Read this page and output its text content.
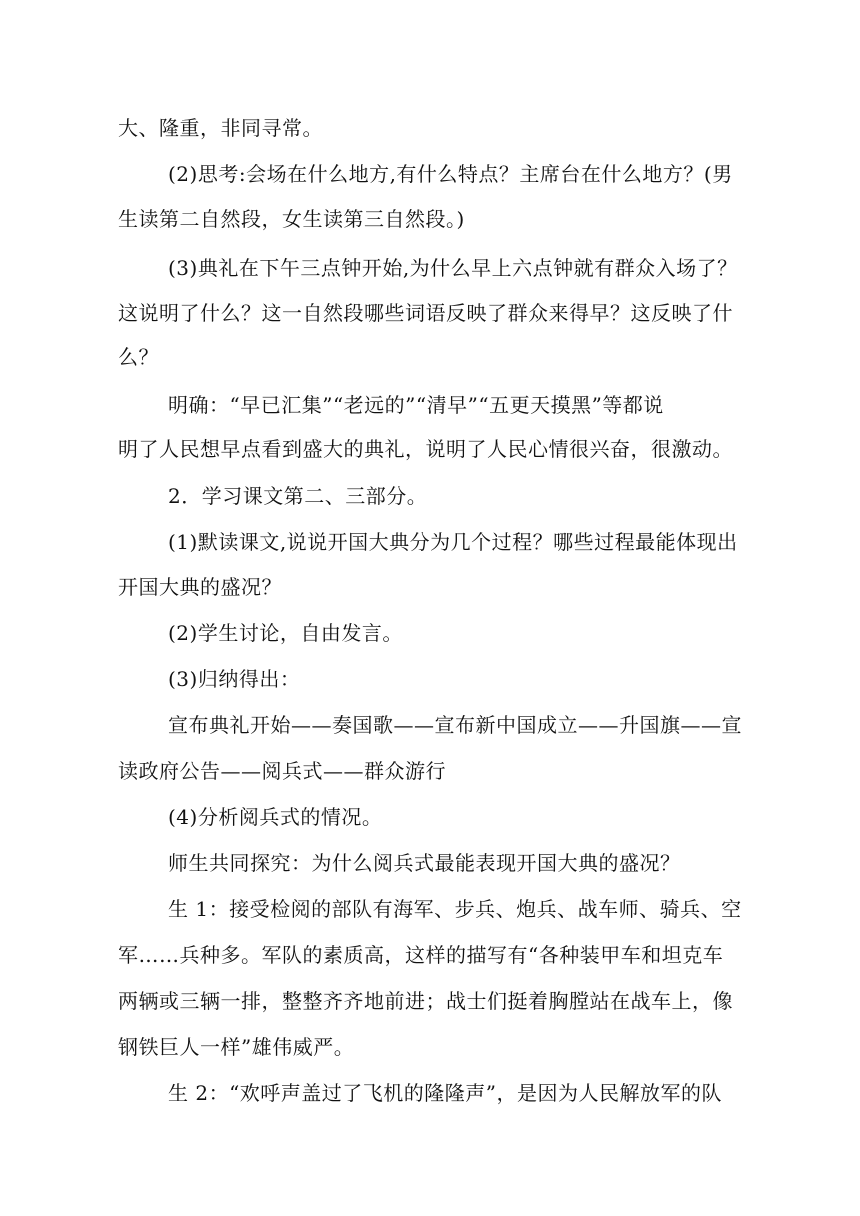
大、隆重，非同寻常。
(2)思考:会场在什么地方,有什么特点？主席台在什么地方？(男
生读第二自然段，女生读第三自然段。)
(3)典礼在下午三点钟开始,为什么早上六点钟就有群众入场了？
这说明了什么？这一自然段哪些词语反映了群众来得早？这反映了什
么？
明确：“早已汇集”“老远的”“清早”“五更天摸黑”等都说
明了人民想早点看到盛大的典礼，说明了人民心情很兴奋，很激动。
2．学习课文第二、三部分。
(1)默读课文,说说开国大典分为几个过程？哪些过程最能体现出
开国大典的盛况？
(2)学生讨论，自由发言。
(3)归纳得出：
宣布典礼开始——奏国歌——宣布新中国成立——升国旗——宣
读政府公告——阅兵式——群众游行
(4)分析阅兵式的情况。
师生共同探究：为什么阅兵式最能表现开国大典的盛况？
生 1：接受检阅的部队有海军、步兵、炮兵、战车师、骑兵、空
军……兵种多。军队的素质高，这样的描写有“各种装甲车和坦克车
两辆或三辆一排，整整齐齐地前进；战士们挺着胸膛站在战车上，像
钢铁巨人一样”雄伟威严。
生 2：“欢呼声盖过了飞机的隆隆声”，是因为人民解放军的队
